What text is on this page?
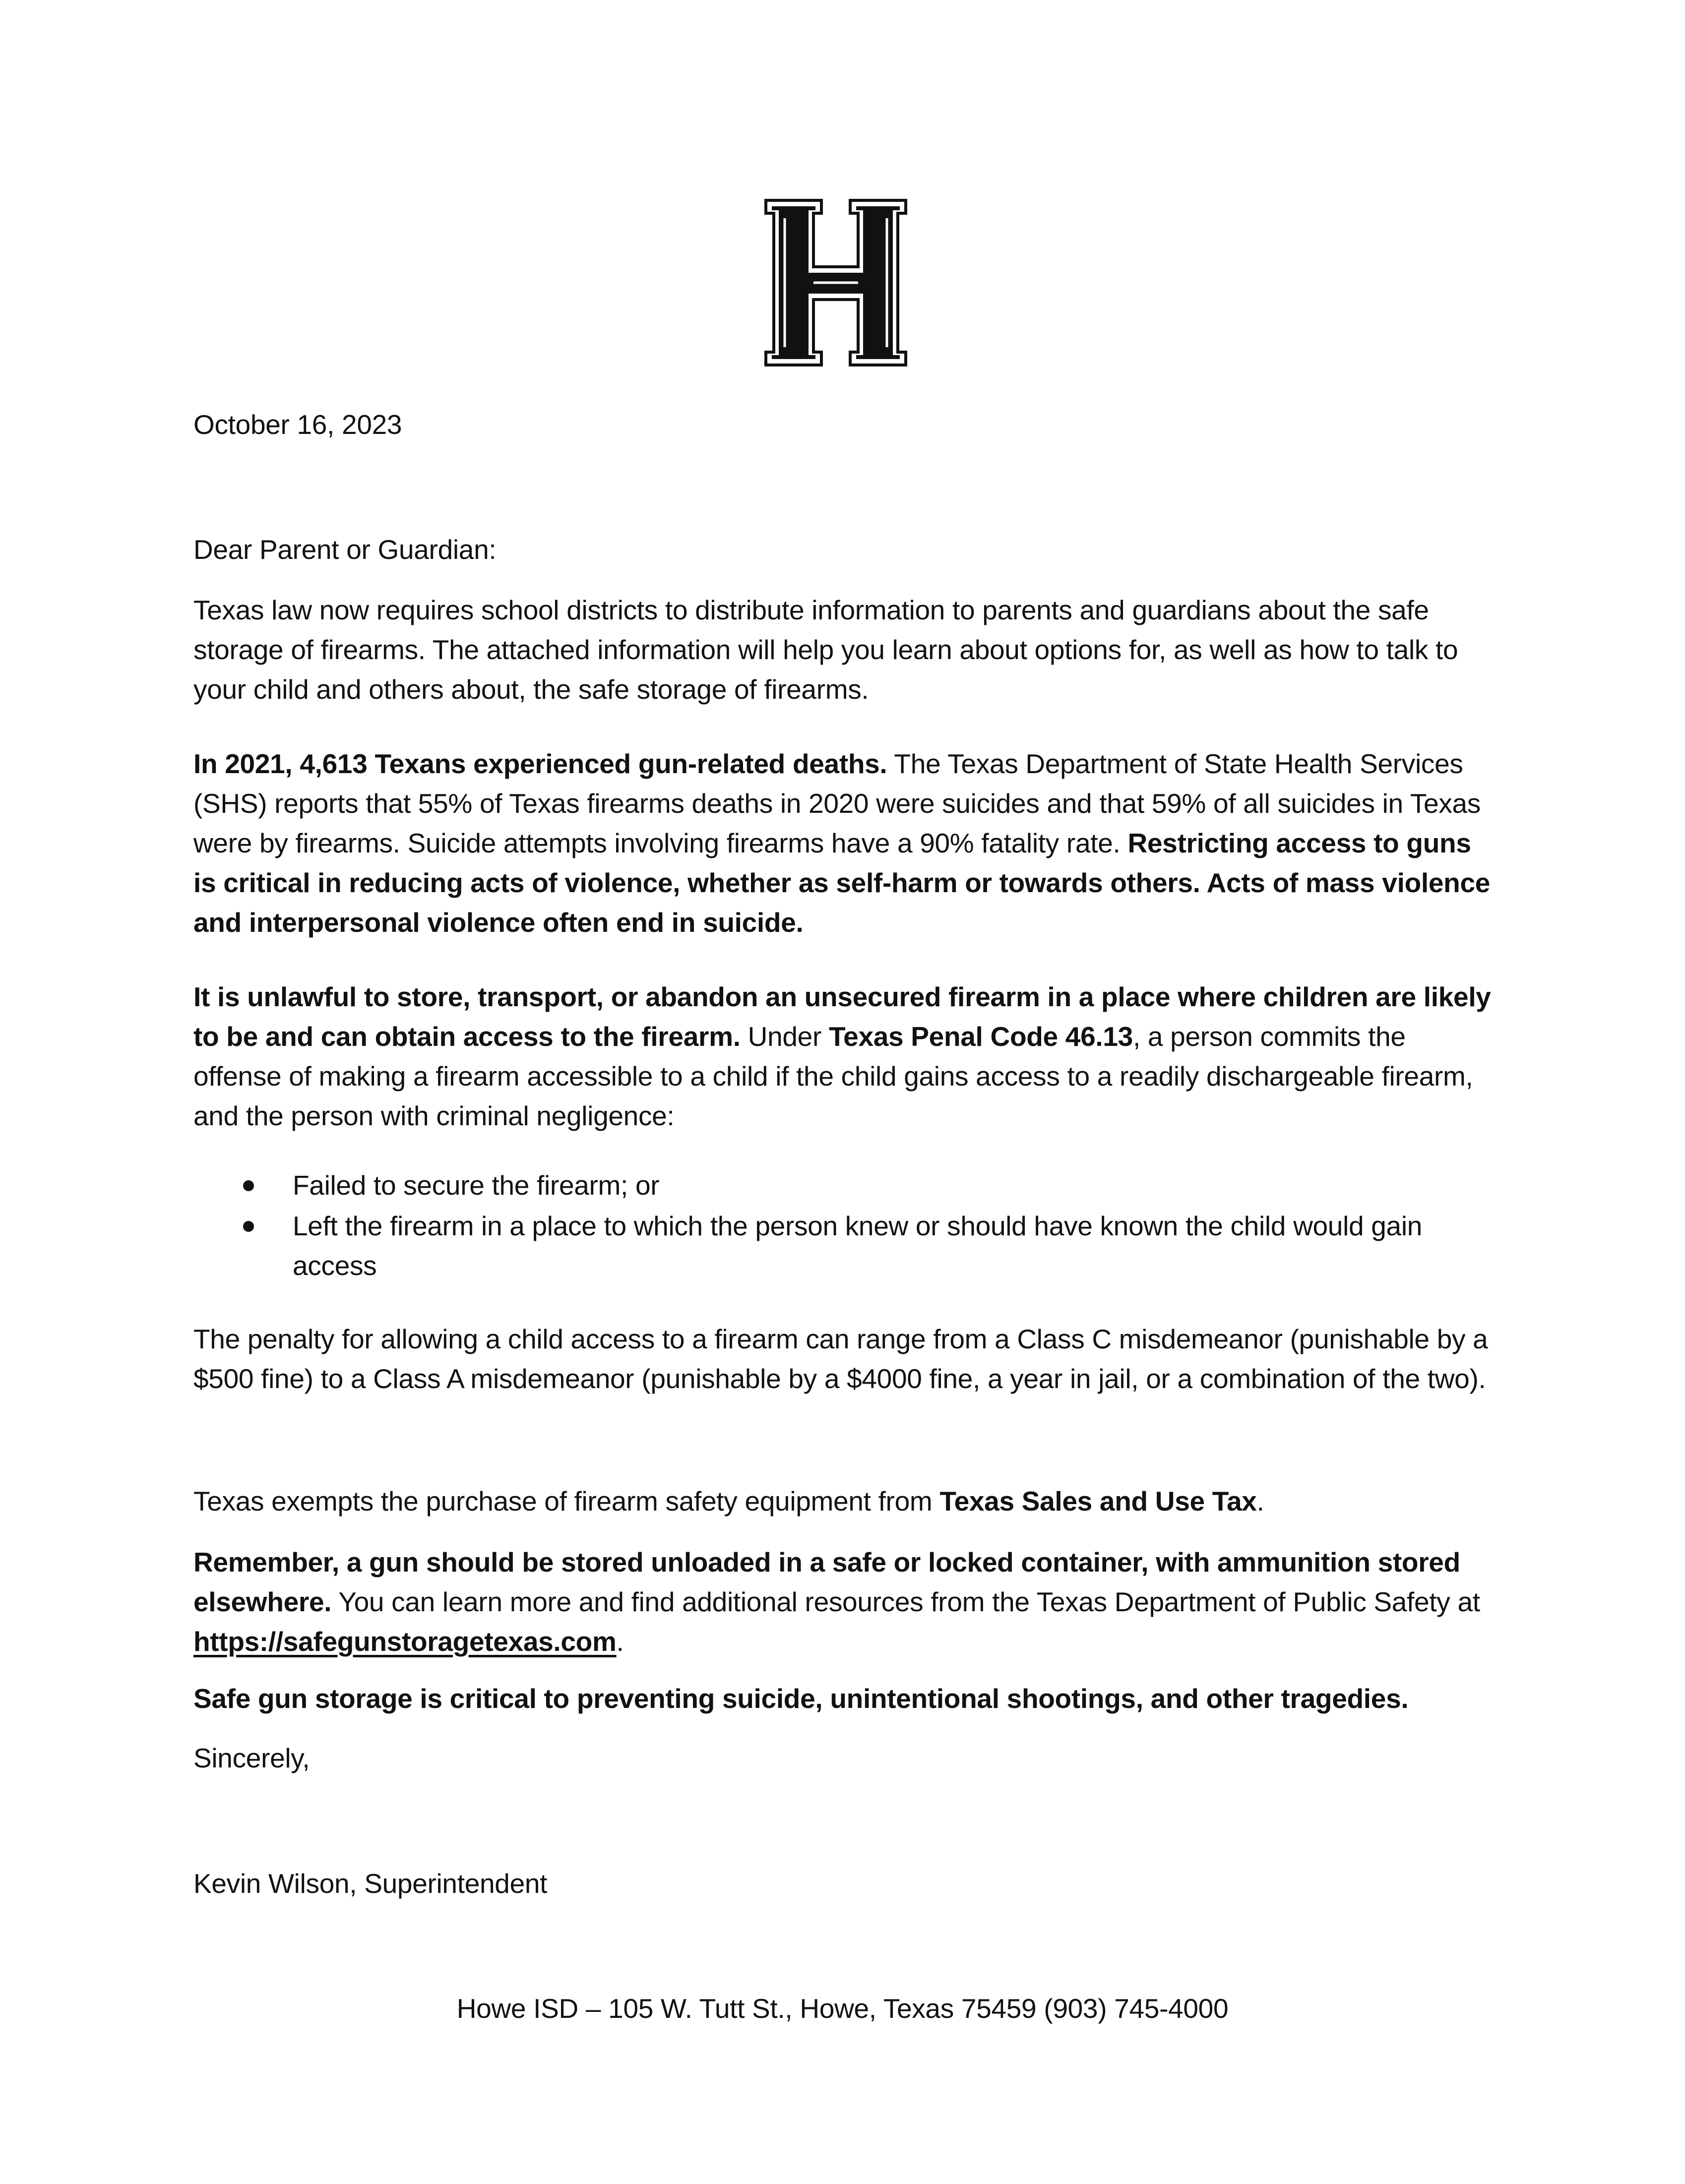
October 16, 2023

Dear Parent or Guardian:

Texas law now requires school districts to distribute information to parents and guardians about the safe storage of firearms. The attached information will help you learn about options for, as well as how to talk to your child and others about, the safe storage of firearms.

In 2021, 4,613 Texans experienced gun-related deaths. The Texas Department of State Health Services (SHS) reports that 55% of Texas firearms deaths in 2020 were suicides and that 59% of all suicides in Texas were by firearms. Suicide attempts involving firearms have a 90% fatality rate. Restricting access to guns is critical in reducing acts of violence, whether as self-harm or towards others. Acts of mass violence and interpersonal violence often end in suicide.

It is unlawful to store, transport, or abandon an unsecured firearm in a place where children are likely to be and can obtain access to the firearm. Under Texas Penal Code 46.13, a person commits the offense of making a firearm accessible to a child if the child gains access to a readily dischargeable firearm, and the person with criminal negligence:

Failed to secure the firearm; or
Left the firearm in a place to which the person knew or should have known the child would gain access

The penalty for allowing a child access to a firearm can range from a Class C misdemeanor (punishable by a $500 fine) to a Class A misdemeanor (punishable by a $4000 fine, a year in jail, or a combination of the two).

Texas exempts the purchase of firearm safety equipment from Texas Sales and Use Tax.

Remember, a gun should be stored unloaded in a safe or locked container, with ammunition stored elsewhere. You can learn more and find additional resources from the Texas Department of Public Safety at https://safegunstoragetexas.com.

Safe gun storage is critical to preventing suicide, unintentional shootings, and other tragedies.

Sincerely,

Kevin Wilson, Superintendent

Howe ISD – 105 W. Tutt St., Howe, Texas 75459 (903) 745-4000
